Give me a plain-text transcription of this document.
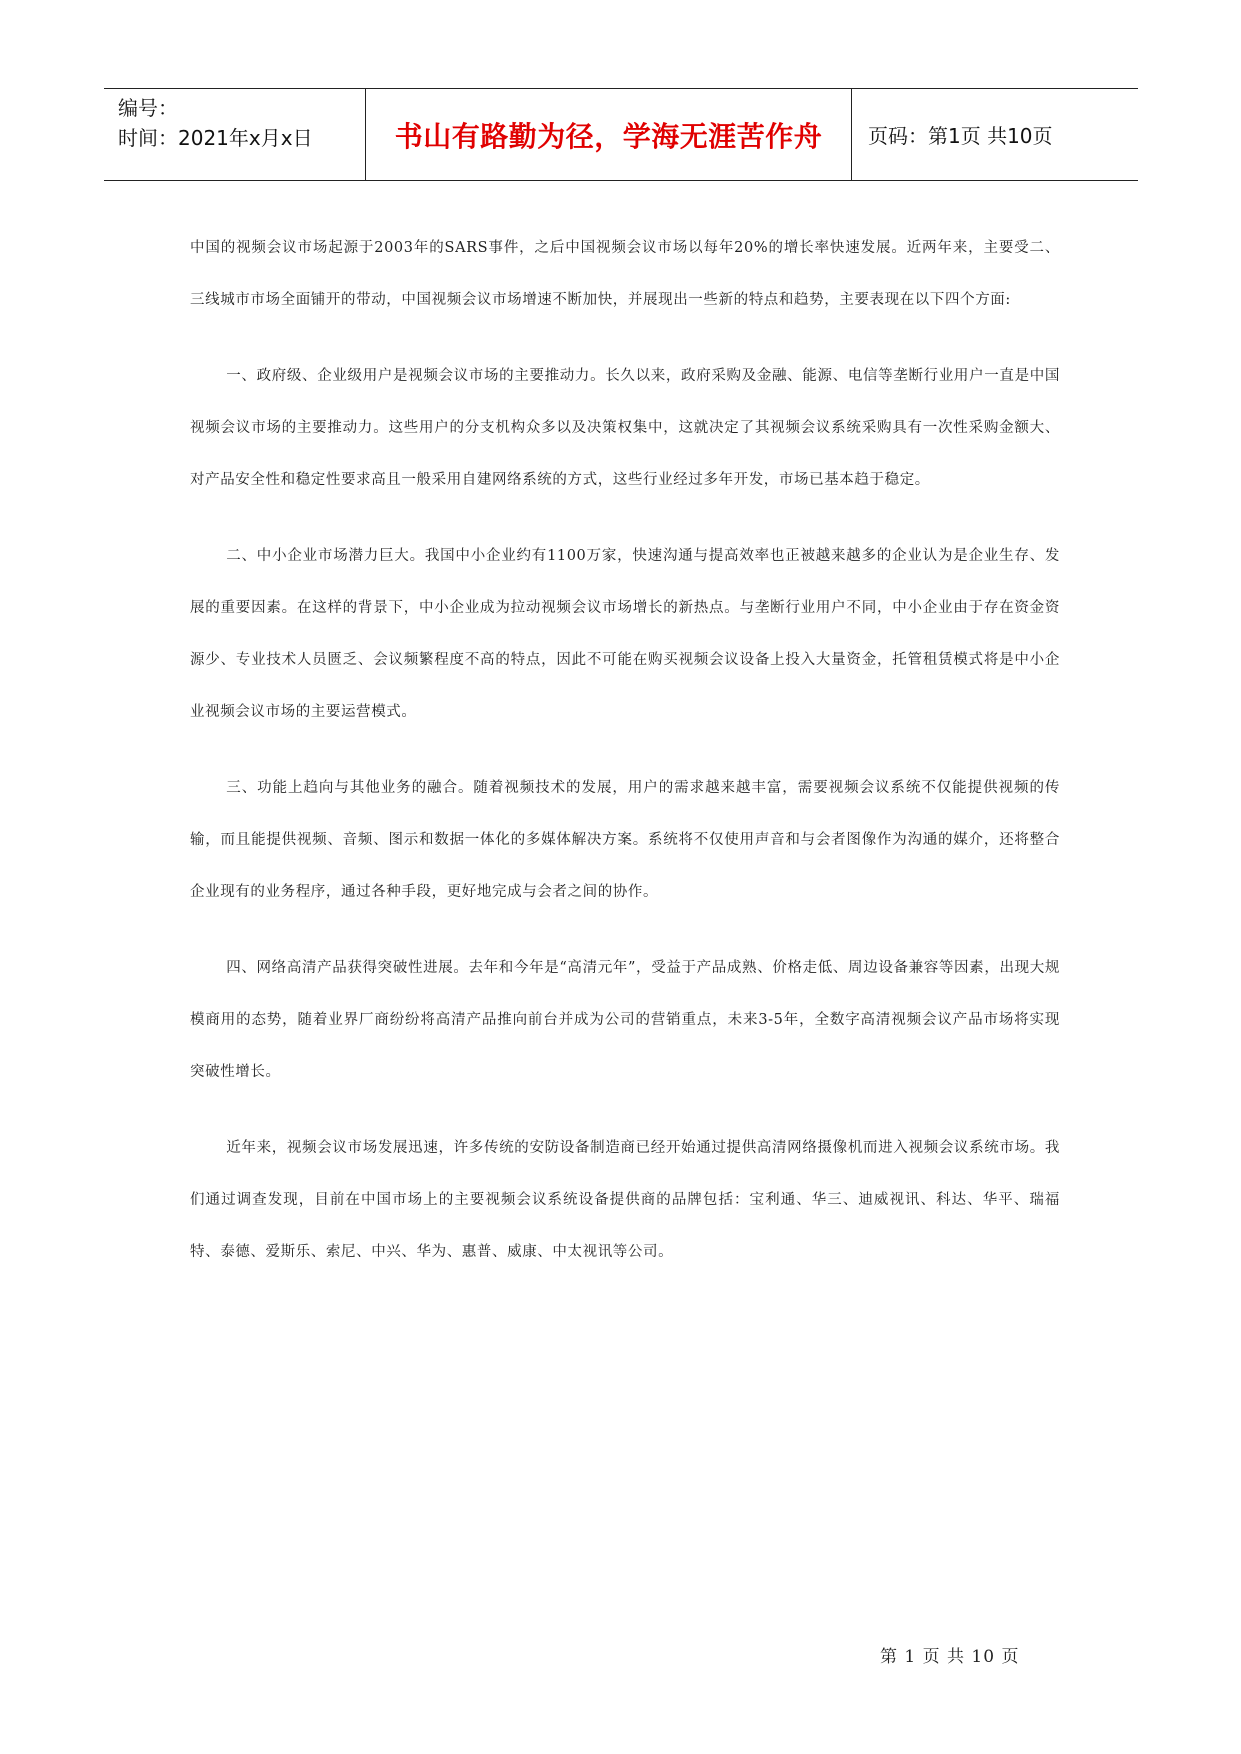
编号：
时间：2021年x月x日	书山有路勤为径，学海无涯苦作舟	页码：第1页 共10页

中国的视频会议市场起源于2003年的SARS事件，之后中国视频会议市场以每年20%的增长率快速发展。近两年来，主要受二、三线城市市场全面铺开的带动，中国视频会议市场增速不断加快，并展现出一些新的特点和趋势，主要表现在以下四个方面:

一、政府级、企业级用户是视频会议市场的主要推动力。长久以来，政府采购及金融、能源、电信等垄断行业用户一直是中国视频会议市场的主要推动力。这些用户的分支机构众多以及决策权集中，这就决定了其视频会议系统采购具有一次性采购金额大、对产品安全性和稳定性要求高且一般采用自建网络系统的方式，这些行业经过多年开发，市场已基本趋于稳定。

二、中小企业市场潜力巨大。我国中小企业约有1100万家，快速沟通与提高效率也正被越来越多的企业认为是企业生存、发展的重要因素。在这样的背景下，中小企业成为拉动视频会议市场增长的新热点。与垄断行业用户不同，中小企业由于存在资金资源少、专业技术人员匮乏、会议频繁程度不高的特点，因此不可能在购买视频会议设备上投入大量资金，托管租赁模式将是中小企业视频会议市场的主要运营模式。

三、功能上趋向与其他业务的融合。随着视频技术的发展，用户的需求越来越丰富，需要视频会议系统不仅能提供视频的传输，而且能提供视频、音频、图示和数据一体化的多媒体解决方案。系统将不仅使用声音和与会者图像作为沟通的媒介，还将整合企业现有的业务程序，通过各种手段，更好地完成与会者之间的协作。

四、网络高清产品获得突破性进展。去年和今年是“高清元年”，受益于产品成熟、价格走低、周边设备兼容等因素，出现大规模商用的态势，随着业界厂商纷纷将高清产品推向前台并成为公司的营销重点，未来3-5年，全数字高清视频会议产品市场将实现突破性增长。

近年来，视频会议市场发展迅速，许多传统的安防设备制造商已经开始通过提供高清网络摄像机而进入视频会议系统市场。我们通过调查发现，目前在中国市场上的主要视频会议系统设备提供商的品牌包括：宝利通、华三、迪威视讯、科达、华平、瑞福特、泰德、爱斯乐、索尼、中兴、华为、惠普、威康、中太视讯等公司。

第 1 页 共 10 页
